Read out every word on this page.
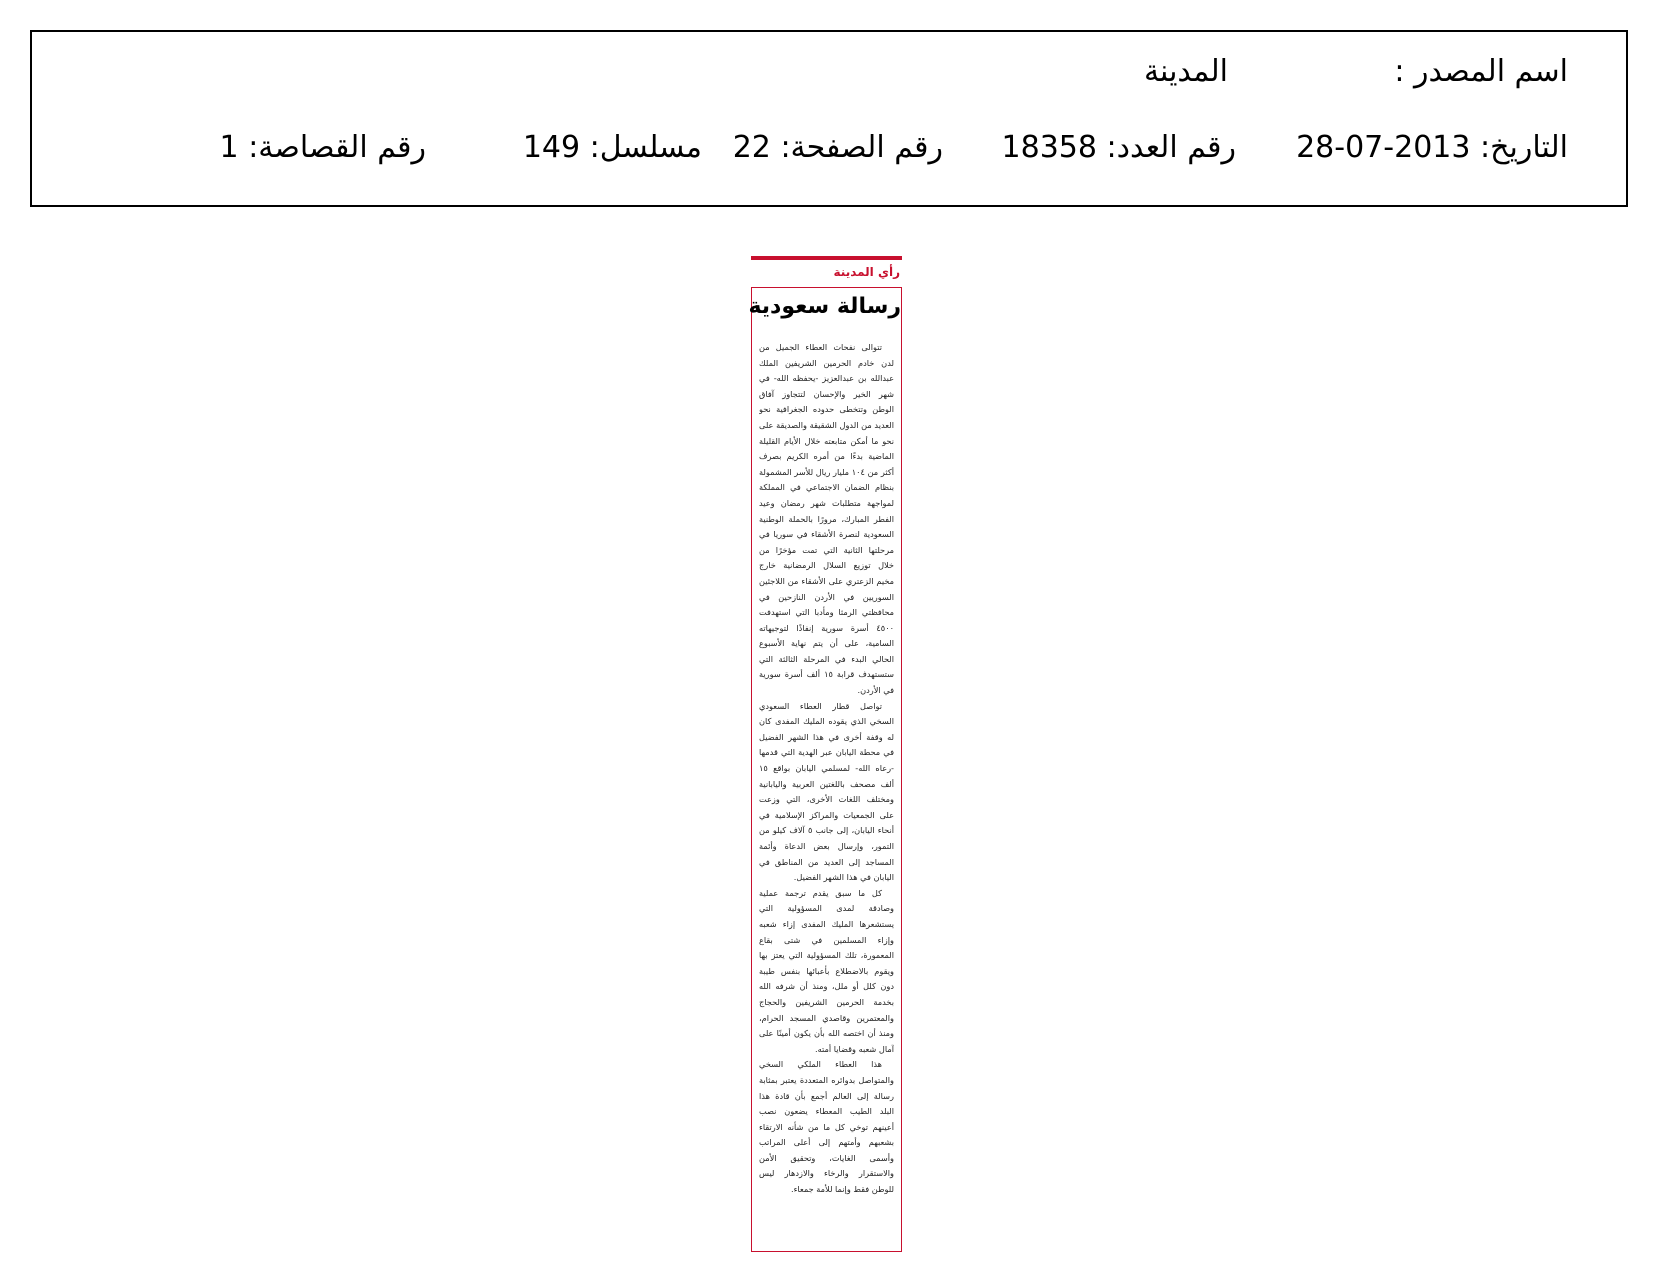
اسم المصدر :
المدينة
التاريخ: 2013-07-28
رقم العدد: 18358
رقم الصفحة: 22
مسلسل: 149
رقم القصاصة: 1
رأي المدينة
رسالة سعودية

تتوالى نفحات العطاء الجميل من لدن خادم الحرمين الشريفين الملك عبدالله بن عبدالعزيز -يحفظه الله- في شهر الخير والإحسان لتتجاوز آفاق الوطن وتتخطى حدوده الجغرافية نحو العديد من الدول الشقيقة والصديقة على نحو ما أمكن متابعته خلال الأيام القليلة الماضية بدءًا من أمره الكريم بصرف أكثر من ١٠٤ مليار ريال للأسر المشمولة بنظام الضمان الاجتماعي في المملكة لمواجهة متطلبات شهر رمضان وعيد الفطر المبارك، مرورًا بالحملة الوطنية السعودية لنصرة الأشقاء في سوريا في مرحلتها الثانية التي تمت مؤخرًا من خلال توزيع السلال الرمضانية خارج مخيم الزعتري على الأشقاء من اللاجئين السوريين في الأردن النازحين في محافظتي الرمثا ومأدبا التي استهدفت ٤٥٠٠ أسرة سورية إنفاذًا لتوجيهاته السامية، على أن يتم نهاية الأسبوع الحالي البدء في المرحلة الثالثة التي ستستهدف قرابة ١٥ ألف أسرة سورية في الأردن.

تواصل قطار العطاء السعودي السخي الذي يقوده المليك المفدى كان له وقفة أخرى في هذا الشهر الفضيل في محطة اليابان عبر الهدية التي قدمها -رعاه الله- لمسلمي اليابان بواقع ١٥ ألف مصحف باللغتين العربية واليابانية ومختلف اللغات الأخرى، التي وزعت على الجمعيات والمراكز الإسلامية في أنحاء اليابان، إلى جانب ٥ آلاف كيلو من التمور، وإرسال بعض الدعاة وأئمة المساجد إلى العديد من المناطق في اليابان في هذا الشهر الفضيل.

كل ما سبق يقدم ترجمة عملية وصادقة لمدى المسؤولية التي يستشعرها المليك المفدى إزاء شعبه وإزاء المسلمين في شتى بقاع المعمورة، تلك المسؤولية التي يعتز بها ويقوم بالاضطلاع بأعبائها بنفس طيبة دون كلل أو ملل، ومنذ أن شرفه الله بخدمة الحرمين الشريفين والحجاج والمعتمرين وقاصدي المسجد الحرام، ومنذ أن اختصه الله بأن يكون أمينًا على آمال شعبه وقضايا أمته.

هذا العطاء الملكي السخي والمتواصل بدوائره المتعددة يعتبر بمثابة رسالة إلى العالم أجمع بأن قادة هذا البلد الطيب المعطاء يضعون نصب أعينهم توخي كل ما من شأنه الارتقاء بشعبهم وأمتهم إلى أعلى المراتب وأسمى الغايات، وتحقيق الأمن والاستقرار والرخاء والازدهار ليس للوطن فقط وإنما للأمة جمعاء.
